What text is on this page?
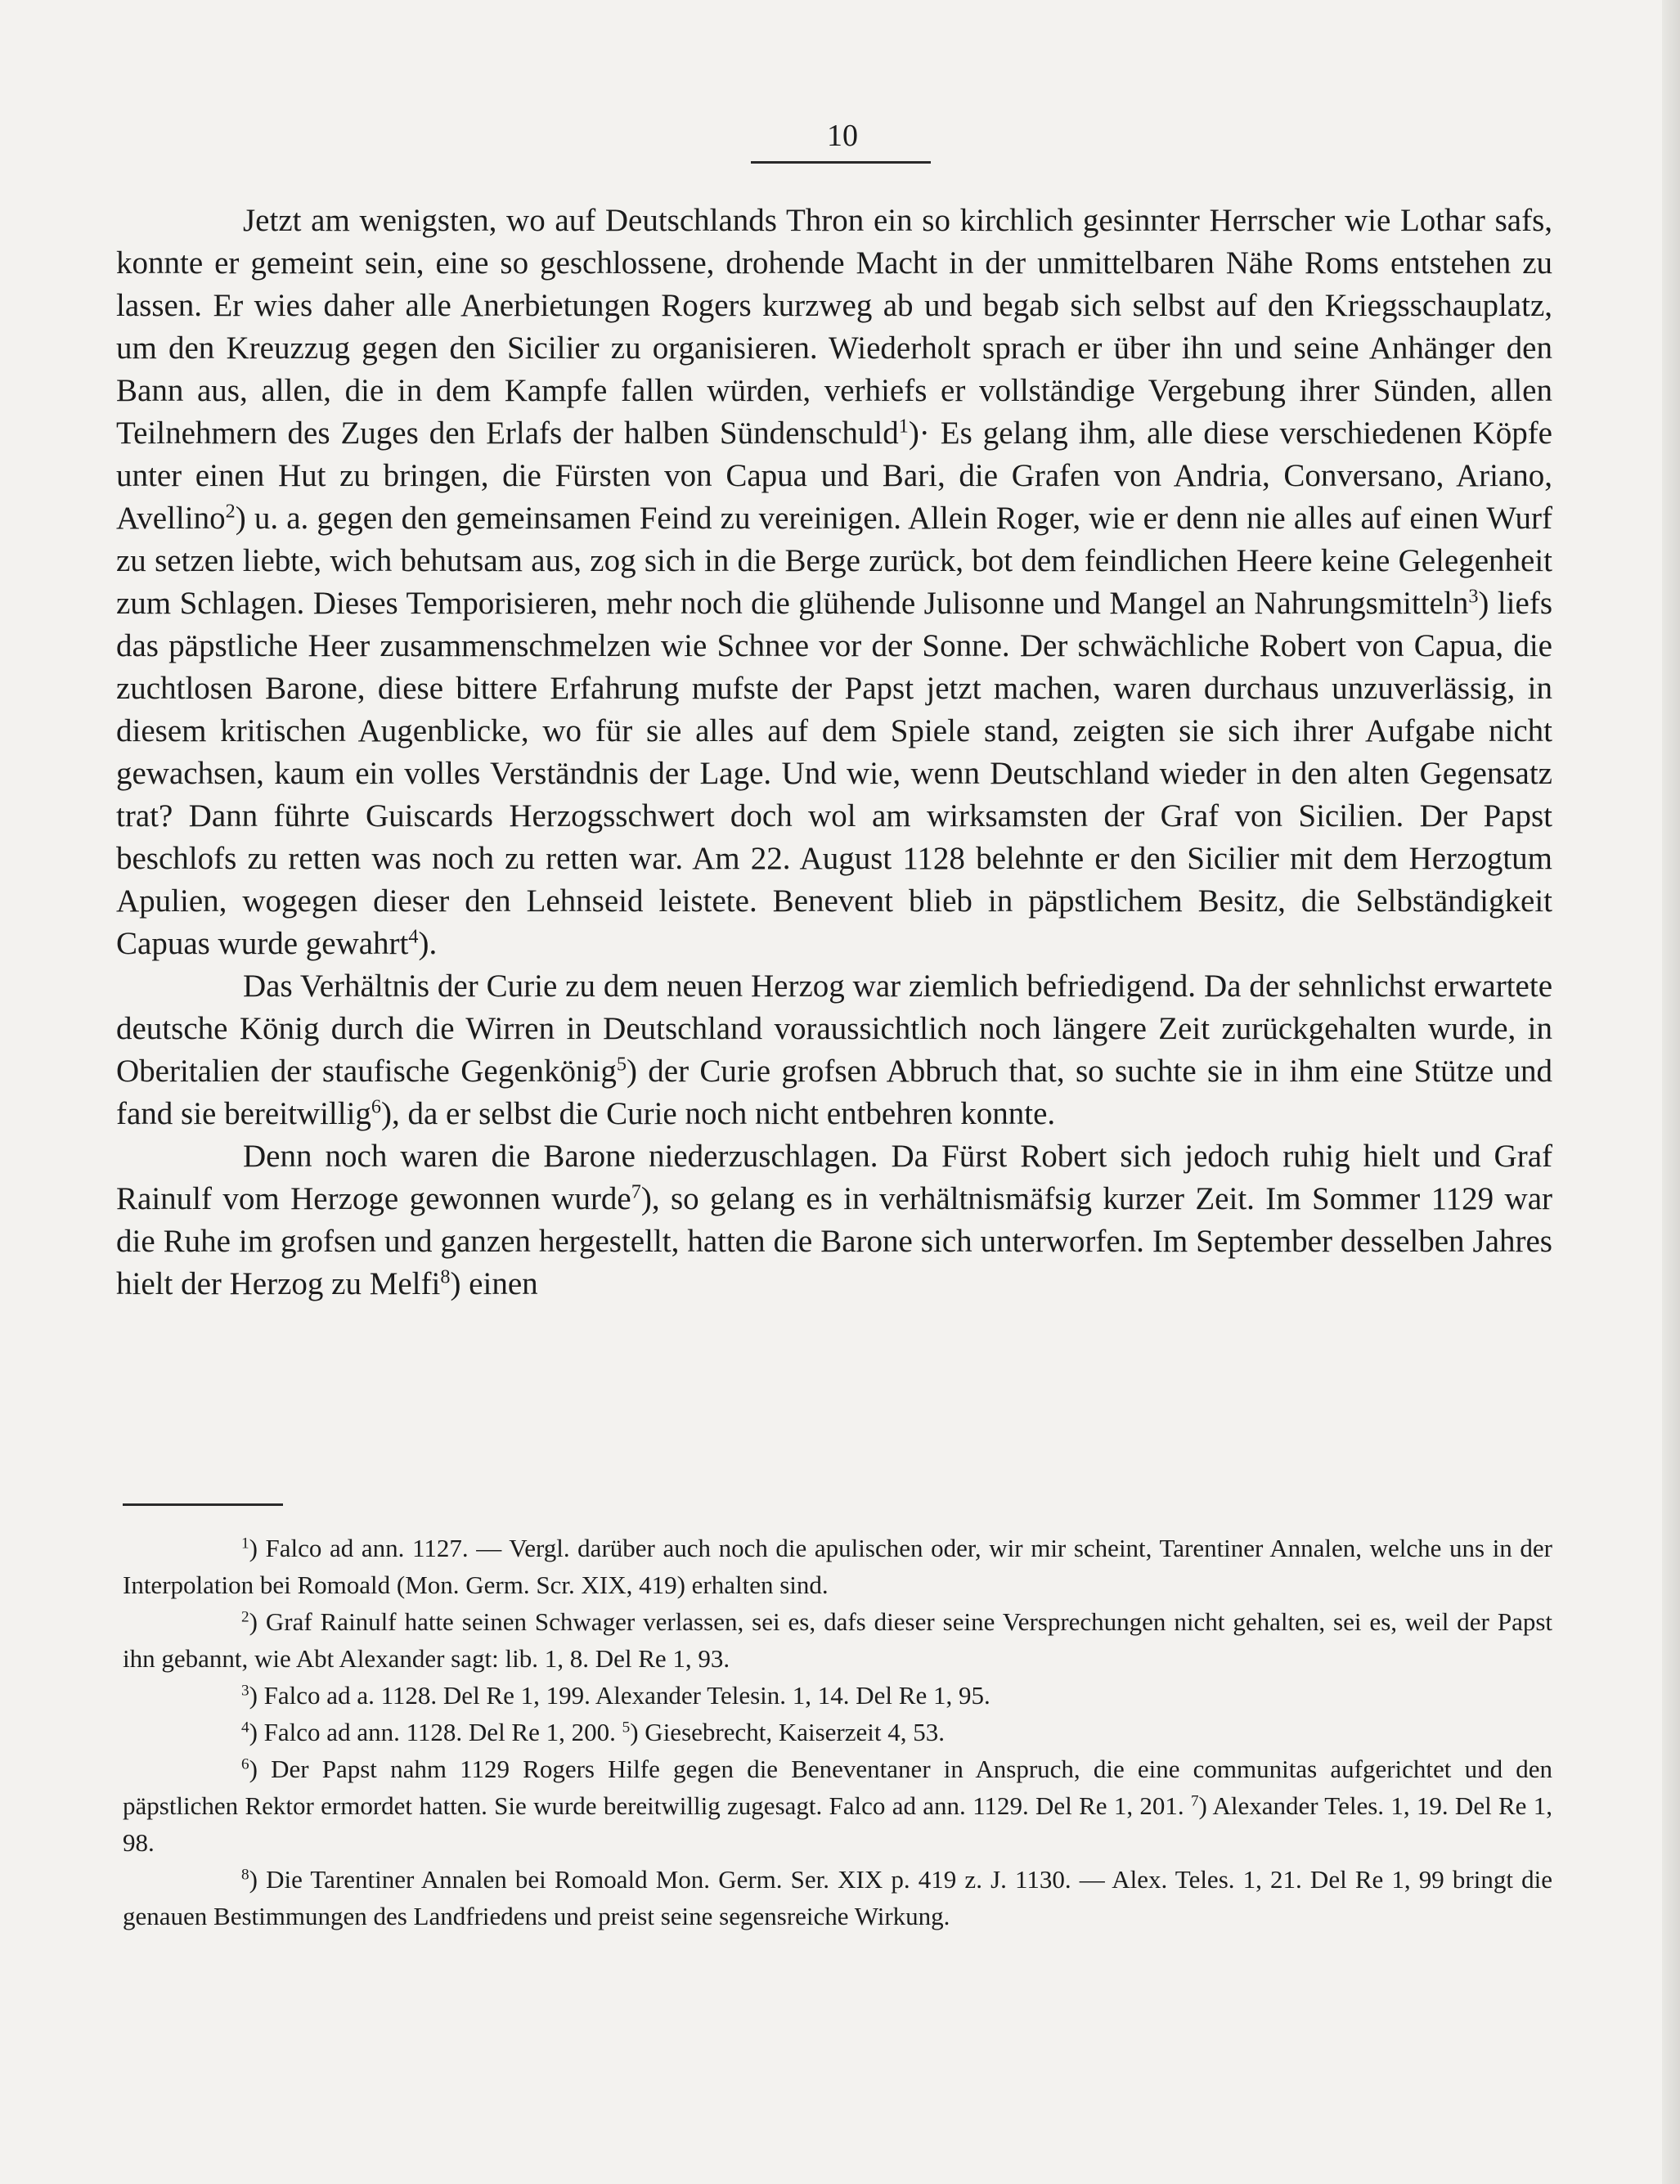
10

Jetzt am wenigsten, wo auf Deutschlands Thron ein so kirchlich gesinnter Herrscher wie Lothar safs, konnte er gemeint sein, eine so geschlossene, drohende Macht in der unmittelbaren Nähe Roms entstehen zu lassen. Er wies daher alle Anerbietungen Rogers kurzweg ab und begab sich selbst auf den Kriegsschauplatz, um den Kreuzzug gegen den Sicilier zu organisieren. Wiederholt sprach er über ihn und seine Anhänger den Bann aus, allen, die in dem Kampfe fallen würden, verhiefs er vollständige Vergebung ihrer Sünden, allen Teilnehmern des Zuges den Erlafs der halben Sündenschuld$^1$)· Es gelang ihm, alle diese verschiedenen Köpfe unter einen Hut zu bringen, die Fürsten von Capua und Bari, die Grafen von Andria, Conversano, Ariano, Avellino$^2$) u. a. gegen den gemeinsamen Feind zu vereinigen. Allein Roger, wie er denn nie alles auf einen Wurf zu setzen liebte, wich behutsam aus, zog sich in die Berge zurück, bot dem feindlichen Heere keine Gelegenheit zum Schlagen. Dieses Temporisieren, mehr noch die glühende Julisonne und Mangel an Nahrungsmitteln$^3$) liefs das päpstliche Heer zusammenschmelzen wie Schnee vor der Sonne. Der schwächliche Robert von Capua, die zuchtlosen Barone, diese bittere Erfahrung mufste der Papst jetzt machen, waren durchaus unzuverlässig, in diesem kritischen Augenblicke, wo für sie alles auf dem Spiele stand, zeigten sie sich ihrer Aufgabe nicht gewachsen, kaum ein volles Verständnis der Lage. Und wie, wenn Deutschland wieder in den alten Gegensatz trat? Dann führte Guiscards Herzogsschwert doch wol am wirksamsten der Graf von Sicilien. Der Papst beschlofs zu retten was noch zu retten war. Am 22. August 1128 belehnte er den Sicilier mit dem Herzogtum Apulien, wogegen dieser den Lehnseid leistete. Benevent blieb in päpstlichem Besitz, die Selbständigkeit Capuas wurde gewahrt$^4$).

Das Verhältnis der Curie zu dem neuen Herzog war ziemlich befriedigend. Da der sehnlichst erwartete deutsche König durch die Wirren in Deutschland voraussichtlich noch längere Zeit zurückgehalten wurde, in Oberitalien der staufische Gegenkönig$^5$) der Curie grofsen Abbruch that, so suchte sie in ihm eine Stütze und fand sie bereitwillig$^6$), da er selbst die Curie noch nicht entbehren konnte.

Denn noch waren die Barone niederzuschlagen. Da Fürst Robert sich jedoch ruhig hielt und Graf Rainulf vom Herzoge gewonnen wurde$^7$), so gelang es in verhältnismäfsig kurzer Zeit. Im Sommer 1129 war die Ruhe im grofsen und ganzen hergestellt, hatten die Barone sich unterworfen. Im September desselben Jahres hielt der Herzog zu Melfi$^8$) einen

$^1$) Falco ad ann. 1127. — Vergl. darüber auch noch die apulischen oder, wir mir scheint, Tarentiner Annalen, welche uns in der Interpolation bei Romoald (Mon. Germ. Scr. XIX, 419) erhalten sind.

$^2$) Graf Rainulf hatte seinen Schwager verlassen, sei es, dafs dieser seine Versprechungen nicht gehalten, sei es, weil der Papst ihn gebannt, wie Abt Alexander sagt: lib. 1, 8. Del Re 1, 93.

$^3$) Falco ad a. 1128. Del Re 1, 199. Alexander Telesin. 1, 14. Del Re 1, 95.

$^4$) Falco ad ann. 1128. Del Re 1, 200. $^5$) Giesebrecht, Kaiserzeit 4, 53.

$^6$) Der Papst nahm 1129 Rogers Hilfe gegen die Beneventaner in Anspruch, die eine communitas aufgerichtet und den päpstlichen Rektor ermordet hatten. Sie wurde bereitwillig zugesagt. Falco ad ann. 1129. Del Re 1, 201. $^7$) Alexander Teles. 1, 19. Del Re 1, 98.

$^8$) Die Tarentiner Annalen bei Romoald Mon. Germ. Ser. XIX p. 419 z. J. 1130. — Alex. Teles. 1, 21. Del Re 1, 99 bringt die genauen Bestimmungen des Landfriedens und preist seine segensreiche Wirkung.
